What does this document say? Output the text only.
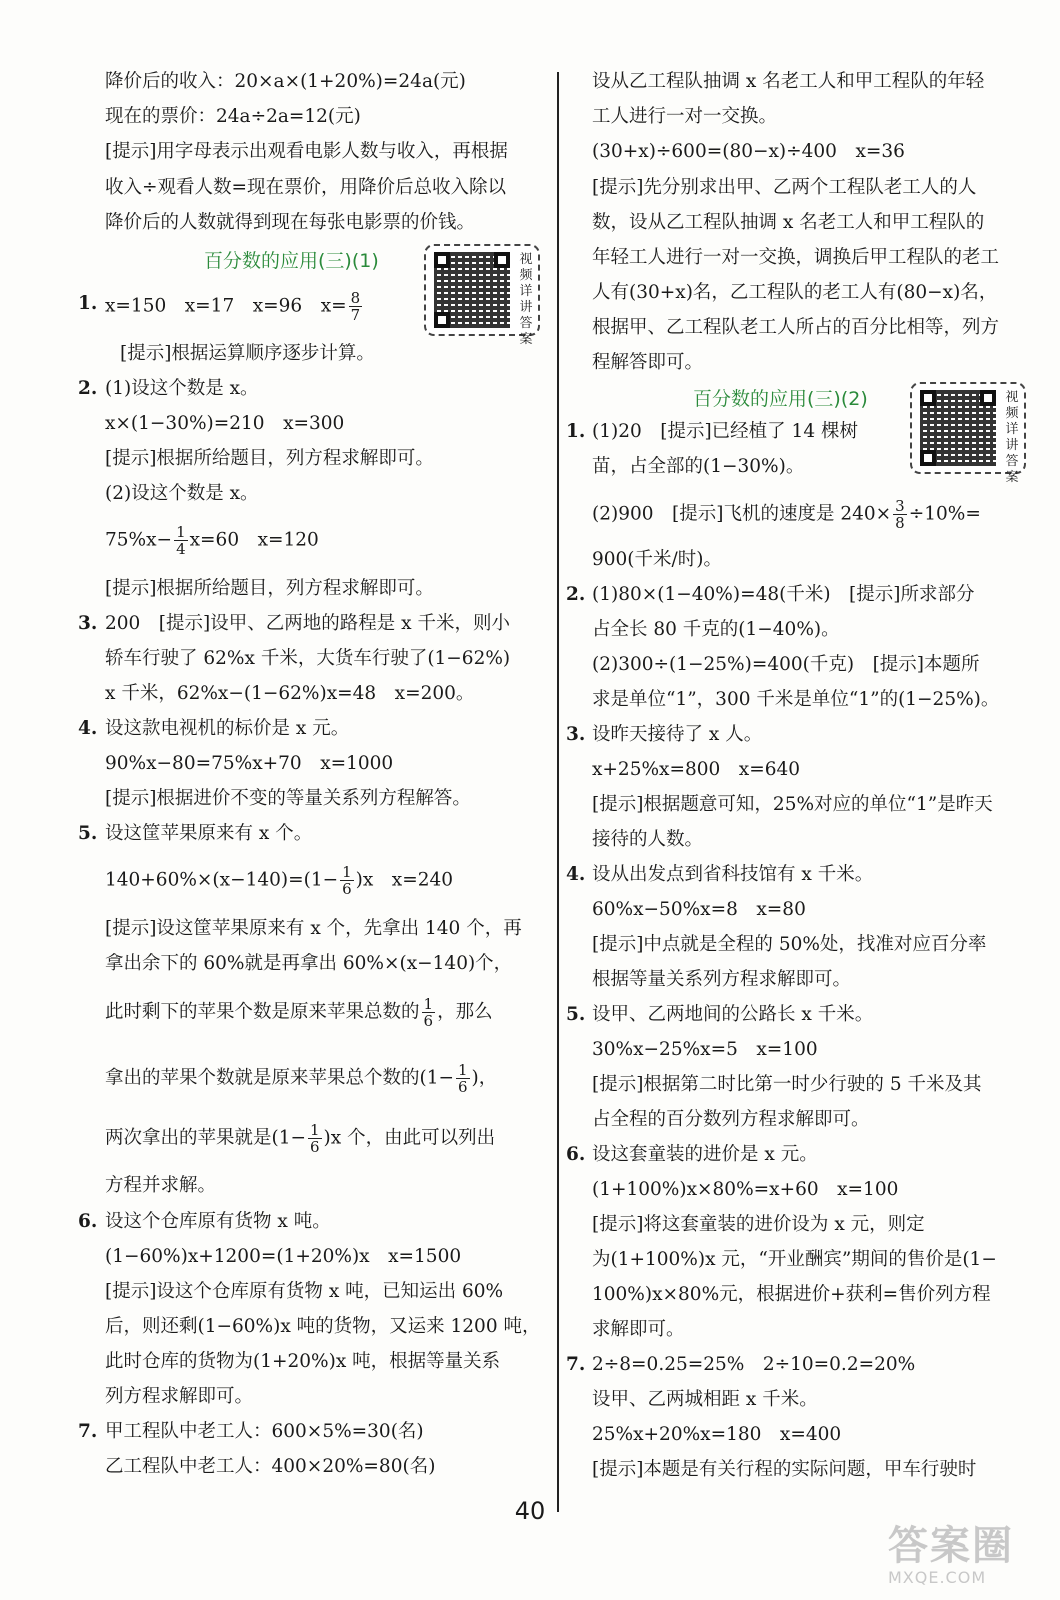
降价后的收入：20×a×(1+20%)=24a(元)
现在的票价：24a÷2a=12(元)
[提示]用字母表示出观看电影人数与收入，再根据
收入÷观看人数=现在票价，用降价后总收入除以
降价后的人数就得到现在每张电影票的价钱。
百分数的应用(三)(1)	视频详讲答案
1. x=150　x=17　x=96　$x= \frac{8}{7}$
[提示]根据运算顺序逐步计算。
2. (1)设这个数是 x。
x×(1−30%)=210　x=300
[提示]根据所给题目，列方程求解即可。
(2)设这个数是 x。
$75\%x- \frac{1}{4} x=60$　x=120
[提示]根据所给题目，列方程求解即可。
3. 200　[提示]设甲、乙两地的路程是 x 千米，则小
轿车行驶了 62%x 千米，大货车行驶了(1−62%)
x 千米，62%x−(1−62%)x=48　x=200。
4. 设这款电视机的标价是 x 元。
90%x−80=75%x+70　x=1000
[提示]根据进价不变的等量关系列方程解答。
5. 设这筐苹果原来有 x 个。
$140+60\%\times(x-140)=(1- \frac{1}{6} )x$　x=240
[提示]设这筐苹果原来有 x 个，先拿出 140 个，再
拿出余下的 60%就是再拿出 60%×(x−140)个，
此时剩下的苹果个数是原来苹果总数的 $\frac{1}{6}$ ，那么
拿出的苹果个数就是原来苹果总个数的($1- \frac{1}{6}$ )，
两次拿出的苹果就是$(1- \frac{1}{6} )x$ 个，由此可以列出
方程并求解。
6. 设这个仓库原有货物 x 吨。
(1−60%)x+1200=(1+20%)x　x=1500
[提示]设这个仓库原有货物 x 吨，已知运出 60%
后，则还剩(1−60%)x 吨的货物，又运来 1200 吨，
此时仓库的货物为(1+20%)x 吨，根据等量关系
列方程求解即可。
7. 甲工程队中老工人：600×5%=30(名)
乙工程队中老工人：400×20%=80(名)
设从乙工程队抽调 x 名老工人和甲工程队的年轻
工人进行一对一交换。
(30+x)÷600=(80−x)÷400　x=36
[提示]先分别求出甲、乙两个工程队老工人的人
数，设从乙工程队抽调 x 名老工人和甲工程队的
年轻工人进行一对一交换，调换后甲工程队的老工
人有(30+x)名，乙工程队的老工人有(80−x)名，
根据甲、乙工程队老工人所占的百分比相等，列方
程解答即可。
百分数的应用(三)(2)	视频详讲答案
1. (1)20　[提示]已经植了 14 棵树
苗，占全部的(1−30%)。
(2)900　[提示]飞机的速度是 $240\times \frac{3}{8} \div 10\%=$
900(千米/时)。
2. (1)80×(1−40%)=48(千米)　[提示]所求部分
占全长 80 千克的(1−40%)。
(2)300÷(1−25%)=400(千克)　[提示]本题所
求是单位“1”，300 千米是单位“1”的(1−25%)。
3. 设昨天接待了 x 人。
x+25%x=800　x=640
[提示]根据题意可知，25%对应的单位“1”是昨天
接待的人数。
4. 设从出发点到省科技馆有 x 千米。
60%x−50%x=8　x=80
[提示]中点就是全程的 50%处，找准对应百分率
根据等量关系列方程求解即可。
5. 设甲、乙两地间的公路长 x 千米。
30%x−25%x=5　x=100
[提示]根据第二时比第一时少行驶的 5 千米及其
占全程的百分数列方程求解即可。
6. 设这套童装的进价是 x 元。
(1+100%)x×80%=x+60　x=100
[提示]将这套童装的进价设为 x 元，则定
为(1+100%)x 元，“开业酬宾”期间的售价是(1−
100%)x×80%元，根据进价+获利=售价列方程
求解即可。
7. 2÷8=0.25=25%　2÷10=0.2=20%
设甲、乙两城相距 x 千米。
25%x+20%x=180　x=400
[提示]本题是有关行程的实际问题，甲车行驶时
40
答案圈
MXQE.COM
